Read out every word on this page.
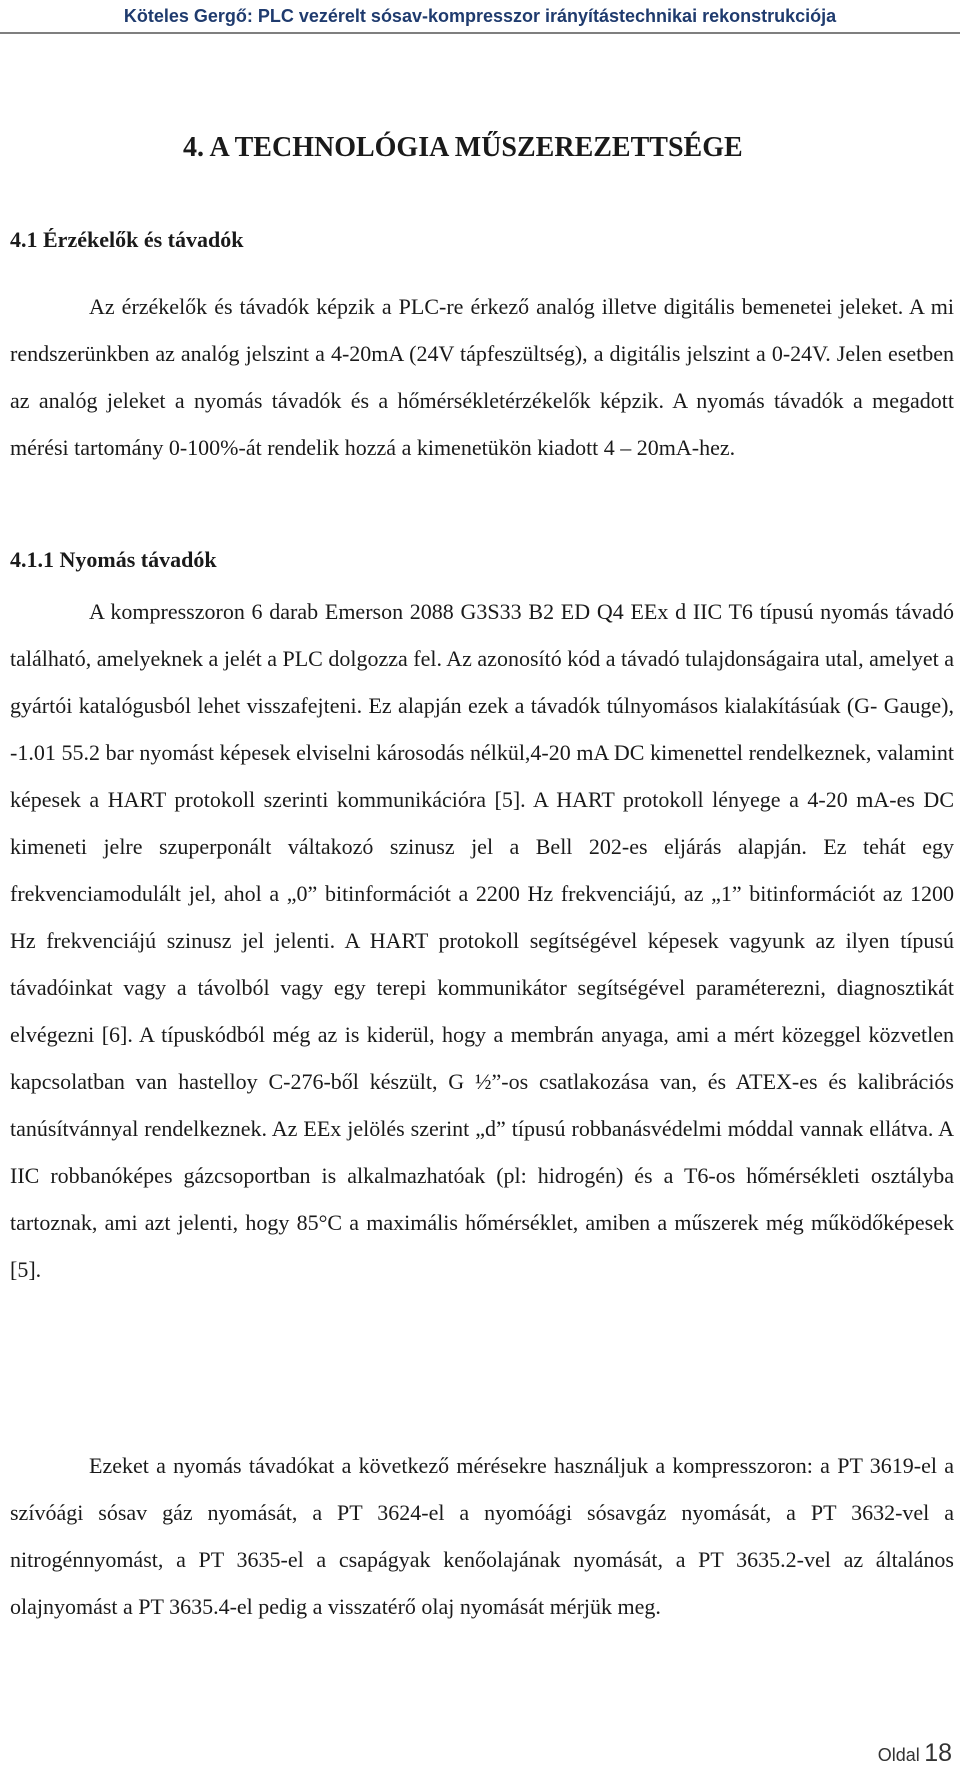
Köteles Gergő: PLC vezérelt sósav-kompresszor irányítástechnikai rekonstrukciója
4. A TECHNOLÓGIA MŰSZEREZETTSÉGE
4.1 Érzékelők és távadók

Az érzékelők és távadók képzik a PLC-re érkező analóg illetve digitális bemenetei jeleket. A mi rendszerünkben az analóg jelszint a 4-20mA (24V tápfeszültség), a digitális jelszint a 0-24V. Jelen esetben az analóg jeleket a nyomás távadók és a hőmérsékletérzékelők képzik. A nyomás távadók a megadott mérési tartomány 0-100%-át rendelik hozzá a kimenetükön kiadott 4 – 20mA-hez.

4.1.1 Nyomás távadók

A kompresszoron 6 darab Emerson 2088 G3S33 B2 ED Q4 EEx d IIC T6 típusú nyomás távadó található, amelyeknek a jelét a PLC dolgozza fel. Az azonosító kód a távadó tulajdonságaira utal, amelyet a gyártói katalógusból lehet visszafejteni. Ez alapján ezek a távadók túlnyomásos kialakításúak (G- Gauge), -1.01 55.2 bar nyomást képesek elviselni károsodás nélkül,4-20 mA DC kimenettel rendelkeznek, valamint képesek a HART protokoll szerinti kommunikációra [5]. A HART protokoll lényege a 4-20 mA-es DC kimeneti jelre szuperponált váltakozó szinusz jel a Bell 202-es eljárás alapján. Ez tehát egy frekvenciamodulált jel, ahol a „0” bitinformációt a 2200 Hz frekvenciájú, az „1” bitinformációt az 1200 Hz frekvenciájú szinusz jel jelenti. A HART protokoll segítségével képesek vagyunk az ilyen típusú távadóinkat vagy a távolból vagy egy terepi kommunikátor segítségével paraméterezni, diagnosztikát elvégezni [6]. A típuskódból még az is kiderül, hogy a membrán anyaga, ami a mért közeggel közvetlen kapcsolatban van hastelloy C-276-ből készült, G ½”-os csatlakozása van, és ATEX-es és kalibrációs tanúsítvánnyal rendelkeznek. Az EEx jelölés szerint „d” típusú robbanásvédelmi móddal vannak ellátva. A IIC robbanóképes gázcsoportban is alkalmazhatóak (pl: hidrogén) és a T6-os hőmérsékleti osztályba tartoznak, ami azt jelenti, hogy 85°C a maximális hőmérséklet, amiben a műszerek még működőképesek [5].

Ezeket a nyomás távadókat a következő mérésekre használjuk a kompresszoron: a PT 3619-el a szívóági sósav gáz nyomását, a PT 3624-el a nyomóági sósavgáz nyomását, a PT 3632-vel a nitrogénnyomást, a PT 3635-el a csapágyak kenőolajának nyomását, a PT 3635.2-vel az általános olajnyomást a PT 3635.4-el pedig a visszatérő olaj nyomását mérjük meg.

Oldal 18
